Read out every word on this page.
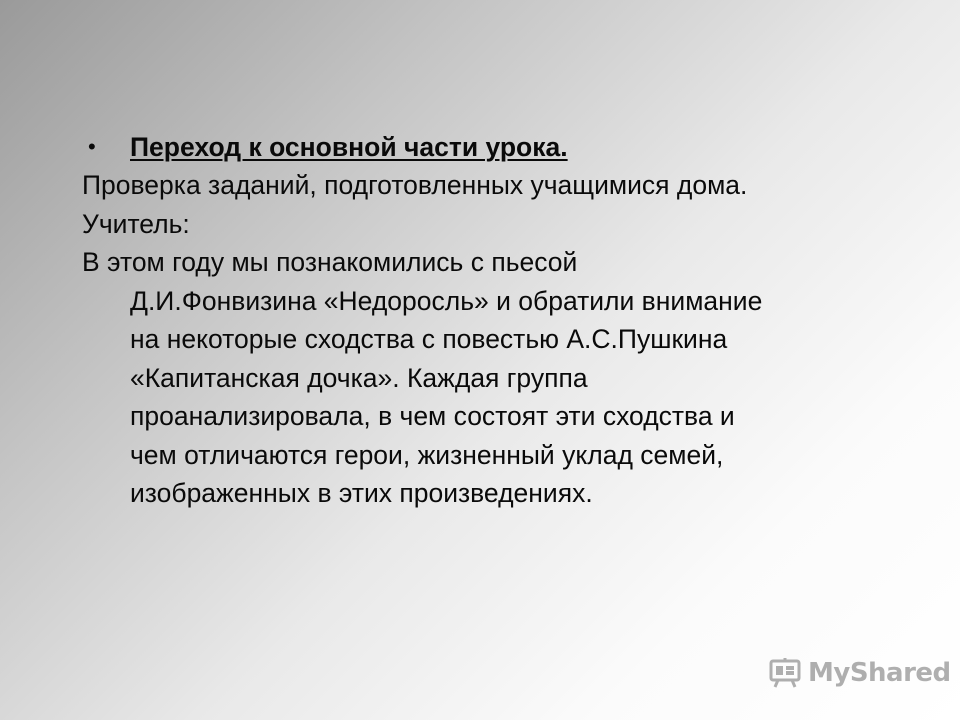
• Переход к основной части урока.
Проверка заданий, подготовленных учащимися дома.
Учитель:
В этом году мы познакомились с пьесой
Д.И.Фонвизина «Недоросль» и обратили внимание
на некоторые сходства с повестью А.С.Пушкина
«Капитанская дочка». Каждая группа
проанализировала, в чем состоят эти сходства и
чем отличаются герои, жизненный уклад семей,
изображенных в этих произведениях.
MyShared
